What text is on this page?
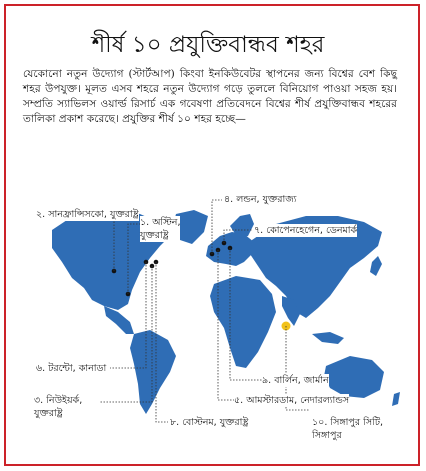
শীর্ষ ১০ প্রযুক্তিবান্ধব শহর
যেকোনো নতুন উদ্যোগ (স্টার্টআপ) কিংবা ইনকিউবেটর স্থাপনের জন্য বিশ্বের বেশ কিছু শহর উপযুক্ত। মূলত এসব শহরে নতুন উদ্যোগ গড়ে তুললে বিনিয়োগ পাওয়া সহজ হয়। সম্প্রতি স্যাভিলস ওয়ার্ল্ড রিসার্চ এক গবেষণা প্রতিবেদনে বিশ্বের শীর্ষ প্রযুক্তিবান্ধব শহরের তালিকা প্রকাশ করেছে। প্রযুক্তির শীর্ষ ১০ শহর হচ্ছে—
২. সানফ্রান্সিসকো, যুক্তরাষ্ট্র
১. অস্টিন,
যুক্তরাষ্ট্র
৪. লন্ডন, যুক্তরাজ্য
৭. কোপেনহেগেন, ডেনমার্ক
৬. টরন্টো, কানাডা
৩. নিউইয়র্ক,
যুক্তরাষ্ট্র
৯. বার্লিন, জার্মান
৫. আমস্টারডাম, নেদারল্যান্ডস
৮. বোস্টনম, যুক্তরাষ্ট্র	১০. সিঙ্গাপুর সিটি,
সিঙ্গাপুর
